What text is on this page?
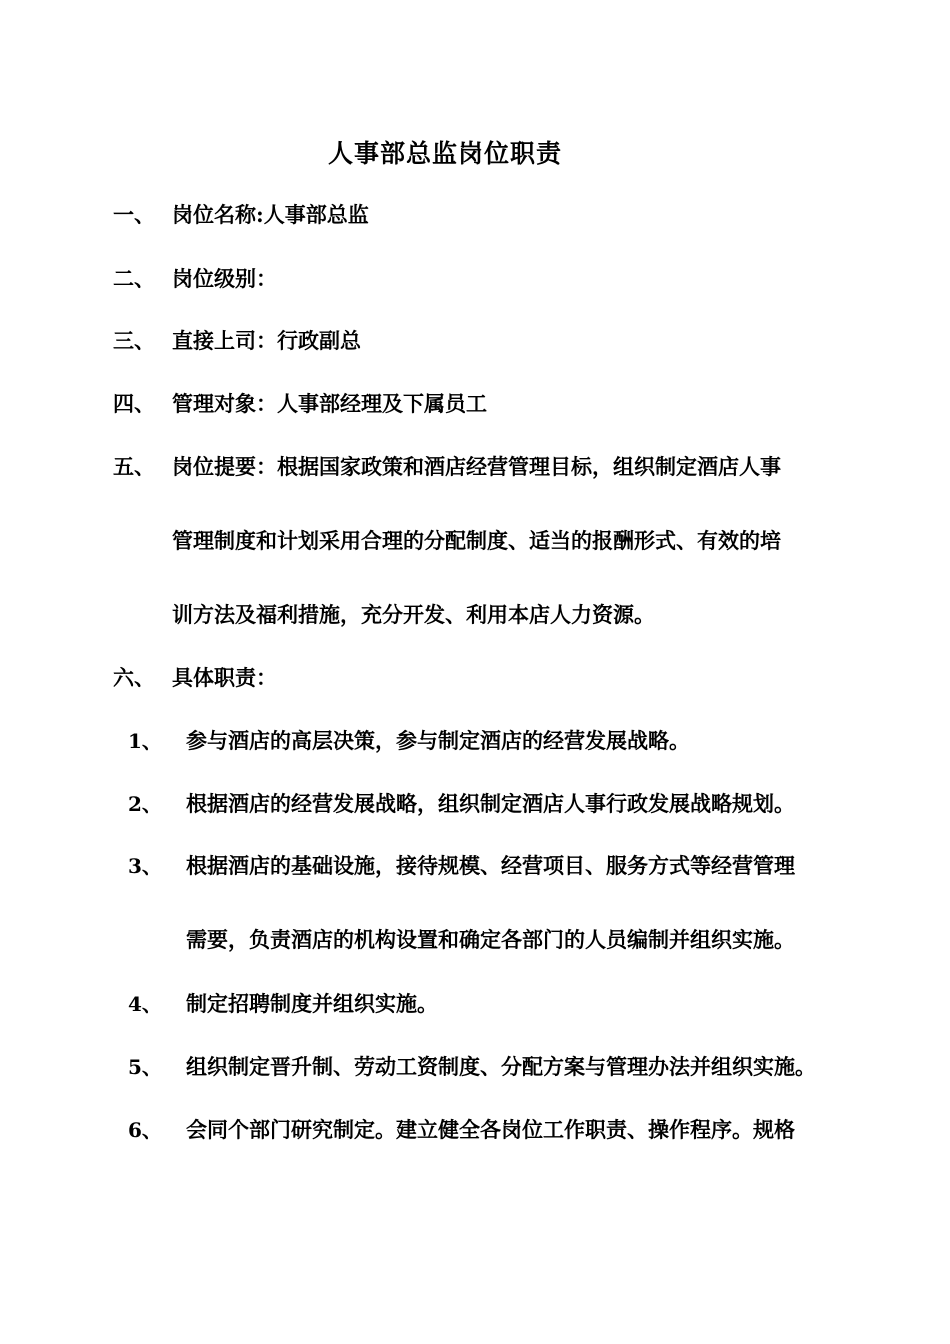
人事部总监岗位职责
一、 岗位名称:人事部总监
二、 岗位级别：
三、 直接上司：行政副总
四、 管理对象：人事部经理及下属员工
五、 岗位提要：根据国家政策和酒店经营管理目标，组织制定酒店人事
管理制度和计划采用合理的分配制度、适当的报酬形式、有效的培
训方法及福利措施，充分开发、利用本店人力资源。
六、 具体职责：
1、 参与酒店的高层决策，参与制定酒店的经营发展战略。
2、 根据酒店的经营发展战略，组织制定酒店人事行政发展战略规划。
3、 根据酒店的基础设施，接待规模、经营项目、服务方式等经营管理
需要，负责酒店的机构设置和确定各部门的人员编制并组织实施。
4、 制定招聘制度并组织实施。
5、 组织制定晋升制、劳动工资制度、分配方案与管理办法并组织实施。
6、 会同个部门研究制定。建立健全各岗位工作职责、操作程序。规格
